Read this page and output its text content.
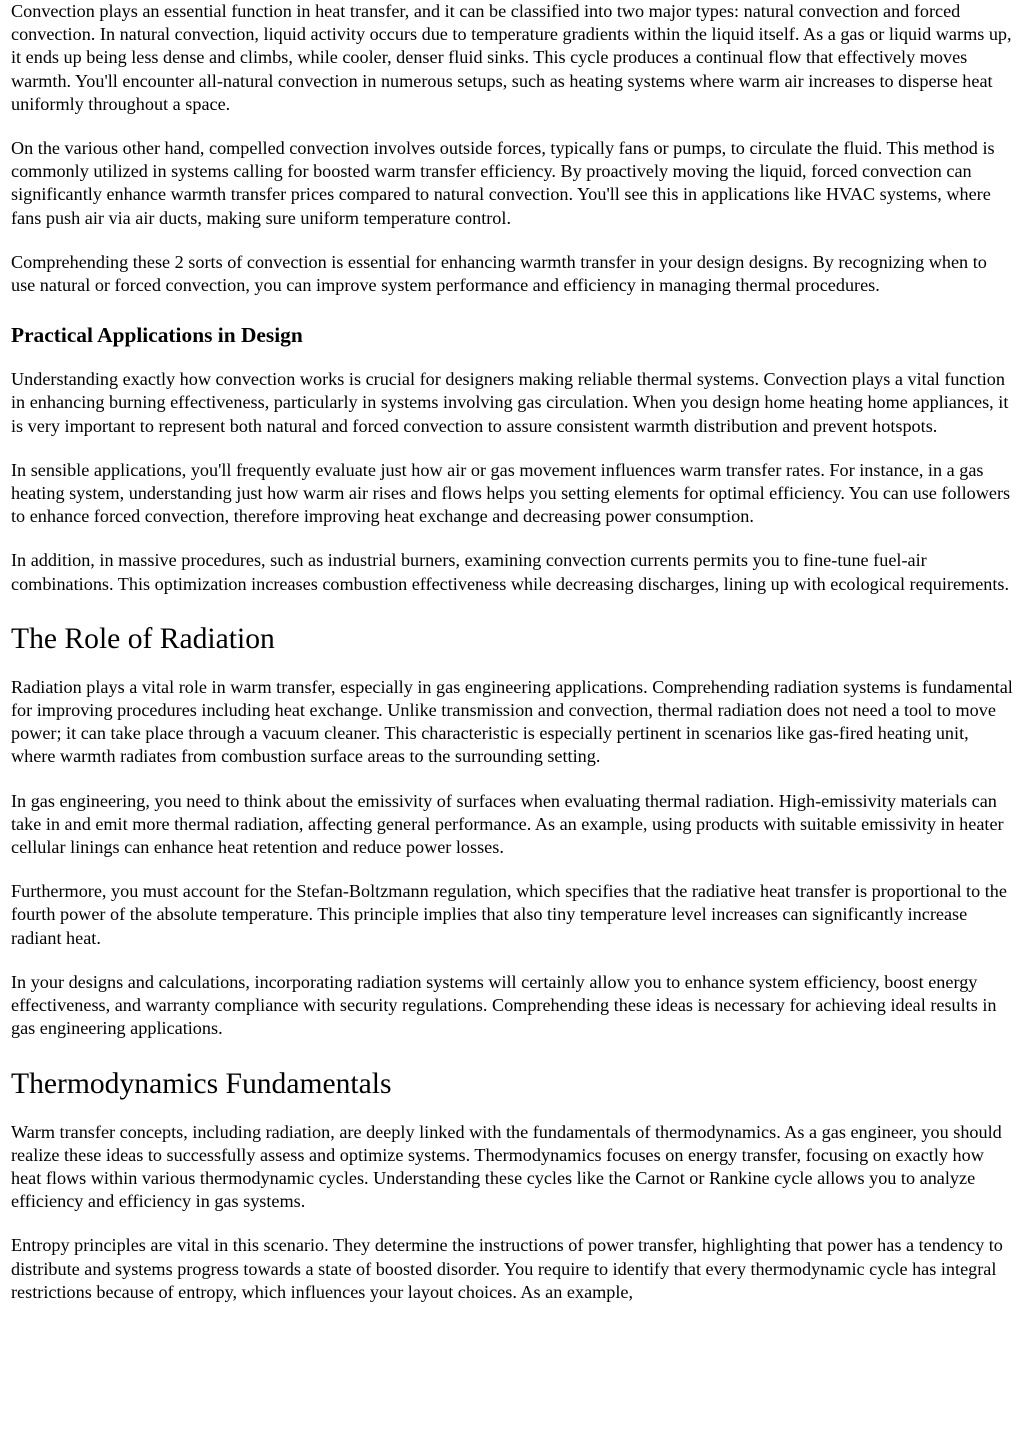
Convection plays an essential function in heat transfer, and it can be classified into two major types: natural convection and forced convection. In natural convection, liquid activity occurs due to temperature gradients within the liquid itself. As a gas or liquid warms up, it ends up being less dense and climbs, while cooler, denser fluid sinks. This cycle produces a continual flow that effectively moves warmth. You'll encounter all-natural convection in numerous setups, such as heating systems where warm air increases to disperse heat uniformly throughout a space.

On the various other hand, compelled convection involves outside forces, typically fans or pumps, to circulate the fluid. This method is commonly utilized in systems calling for boosted warm transfer efficiency. By proactively moving the liquid, forced convection can significantly enhance warmth transfer prices compared to natural convection. You'll see this in applications like HVAC systems, where fans push air via air ducts, making sure uniform temperature control.

Comprehending these 2 sorts of convection is essential for enhancing warmth transfer in your design designs. By recognizing when to use natural or forced convection, you can improve system performance and efficiency in managing thermal procedures.

Practical Applications in Design

Understanding exactly how convection works is crucial for designers making reliable thermal systems. Convection plays a vital function in enhancing burning effectiveness, particularly in systems involving gas circulation. When you design home heating home appliances, it is very important to represent both natural and forced convection to assure consistent warmth distribution and prevent hotspots.

In sensible applications, you'll frequently evaluate just how air or gas movement influences warm transfer rates. For instance, in a gas heating system, understanding just how warm air rises and flows helps you setting elements for optimal efficiency. You can use followers to enhance forced convection, therefore improving heat exchange and decreasing power consumption.

In addition, in massive procedures, such as industrial burners, examining convection currents permits you to fine-tune fuel-air combinations. This optimization increases combustion effectiveness while decreasing discharges, lining up with ecological requirements.

The Role of Radiation

Radiation plays a vital role in warm transfer, especially in gas engineering applications. Comprehending radiation systems is fundamental for improving procedures including heat exchange. Unlike transmission and convection, thermal radiation does not need a tool to move power; it can take place through a vacuum cleaner. This characteristic is especially pertinent in scenarios like gas-fired heating unit, where warmth radiates from combustion surface areas to the surrounding setting.

In gas engineering, you need to think about the emissivity of surfaces when evaluating thermal radiation. High-emissivity materials can take in and emit more thermal radiation, affecting general performance. As an example, using products with suitable emissivity in heater cellular linings can enhance heat retention and reduce power losses.

Furthermore, you must account for the Stefan-Boltzmann regulation, which specifies that the radiative heat transfer is proportional to the fourth power of the absolute temperature. This principle implies that also tiny temperature level increases can significantly increase radiant heat.

In your designs and calculations, incorporating radiation systems will certainly allow you to enhance system efficiency, boost energy effectiveness, and warranty compliance with security regulations. Comprehending these ideas is necessary for achieving ideal results in gas engineering applications.

Thermodynamics Fundamentals

Warm transfer concepts, including radiation, are deeply linked with the fundamentals of thermodynamics. As a gas engineer, you should realize these ideas to successfully assess and optimize systems. Thermodynamics focuses on energy transfer, focusing on exactly how heat flows within various thermodynamic cycles. Understanding these cycles like the Carnot or Rankine cycle allows you to analyze efficiency and efficiency in gas systems.

Entropy principles are vital in this scenario. They determine the instructions of power transfer, highlighting that power has a tendency to distribute and systems progress towards a state of boosted disorder. You require to identify that every thermodynamic cycle has integral restrictions because of entropy, which influences your layout choices. As an example,
